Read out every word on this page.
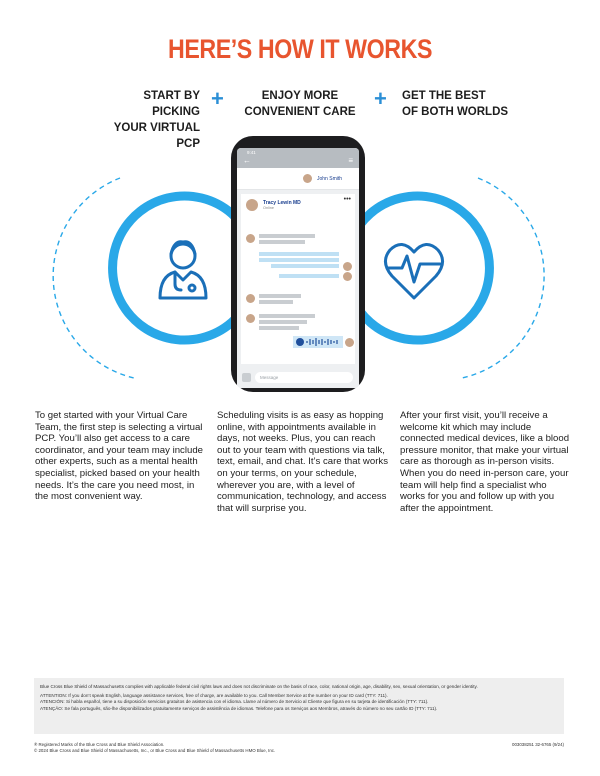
HERE’S HOW IT WORKS
START BY PICKING
YOUR VIRTUAL PCP
+	ENJOY MORE
CONVENIENT CARE
+ GET THE BEST
OF BOTH WORLDS
9:41
←	≡
John Smith
Tracy Lewin MD
Online
•••
Message
To get started with your Virtual Care Team, the first step is selecting a virtual PCP. You’ll also get access to a care coordinator, and your team may include other experts, such as a mental health specialist, picked based on your health needs. It’s the care you need most, in the most convenient way.
Scheduling visits is as easy as hopping online, with appointments available in days, not weeks. Plus, you can reach out to your team with questions via talk, text, email, and chat. It’s care that works on your terms, on your schedule, wherever you are, with a level of communication, technology, and access that will surprise you.
After your first visit, you’ll receive a welcome kit which may include connected medical devices, like a blood pressure monitor, that make your virtual care as thorough as in-person visits. When you do need in-person care, your team will help find a specialist who works for you and follow up with you after the appointment.

Blue Cross Blue Shield of Massachusetts complies with applicable federal civil rights laws and does not discriminate on the basis of race, color, national origin, age, disability, sex, sexual orientation, or gender identity.

ATTENTION: If you don’t speak English, language assistance services, free of charge, are available to you. Call Member Service at the number on your ID card (TTY: 711).

ATENCIÓN: Si habla español, tiene a su disposición servicios gratuitos de asistencia con el idioma. Llame al número de Servicio al Cliente que figura en su tarjeta de identificación (TTY: 711).

ATENÇÃO: Se fala português, são-lhe disponibilizados gratuitamente serviços de assistência de idiomas. Telefone para os Serviços aos Membros, através do número no seu cartão ID (TTY: 711).

® Registered Marks of the Blue Cross and Blue Shield Association.
© 2024 Blue Cross and Blue Shield of Massachusetts, Inc., or Blue Cross and Blue Shield of Massachusetts HMO Blue, Inc.
003038251 32-6765 (9/24)
